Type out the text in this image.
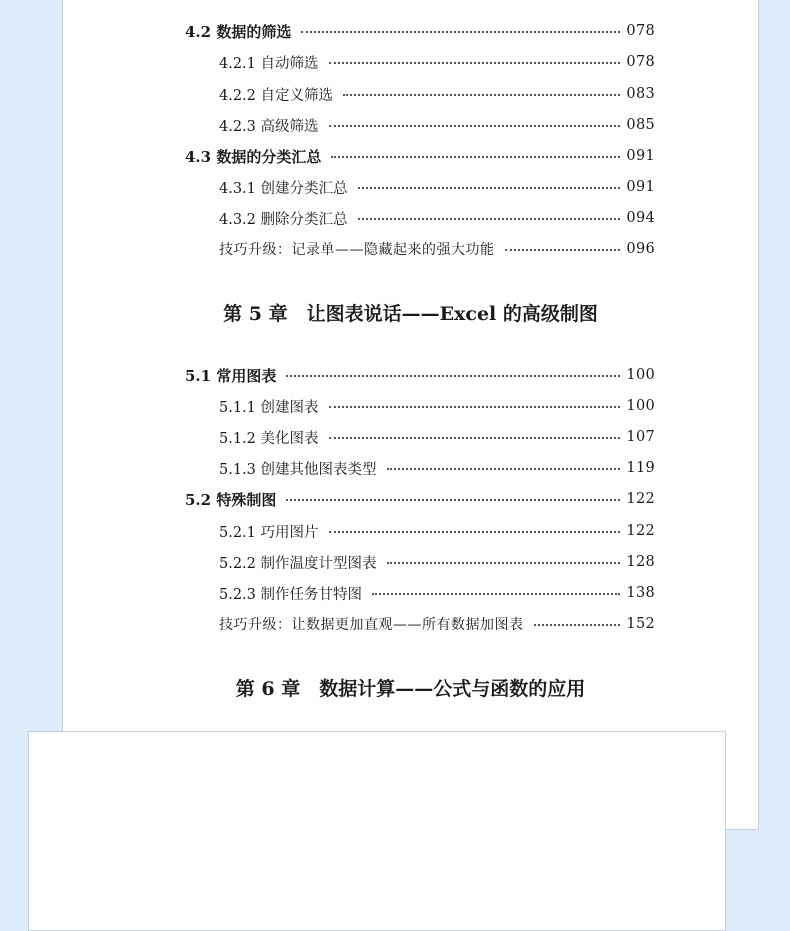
4.2 数据的筛选	078
4.2.1 自动筛选	078
4.2.2 自定义筛选	083
4.2.3 高级筛选	085
4.3 数据的分类汇总	091
4.3.1 创建分类汇总	091
4.3.2 删除分类汇总	094
技巧升级：记录单——隐藏起来的强大功能	096
第 5 章　让图表说话——Excel 的高级制图
5.1 常用图表	100
5.1.1 创建图表	100
5.1.2 美化图表	107
5.1.3 创建其他图表类型	119
5.2 特殊制图	122
5.2.1 巧用图片	122
5.2.2 制作温度计型图表	128
5.2.3 制作任务甘特图	138
技巧升级：让数据更加直观——所有数据加图表	152
第 6 章　数据计算——公式与函数的应用
